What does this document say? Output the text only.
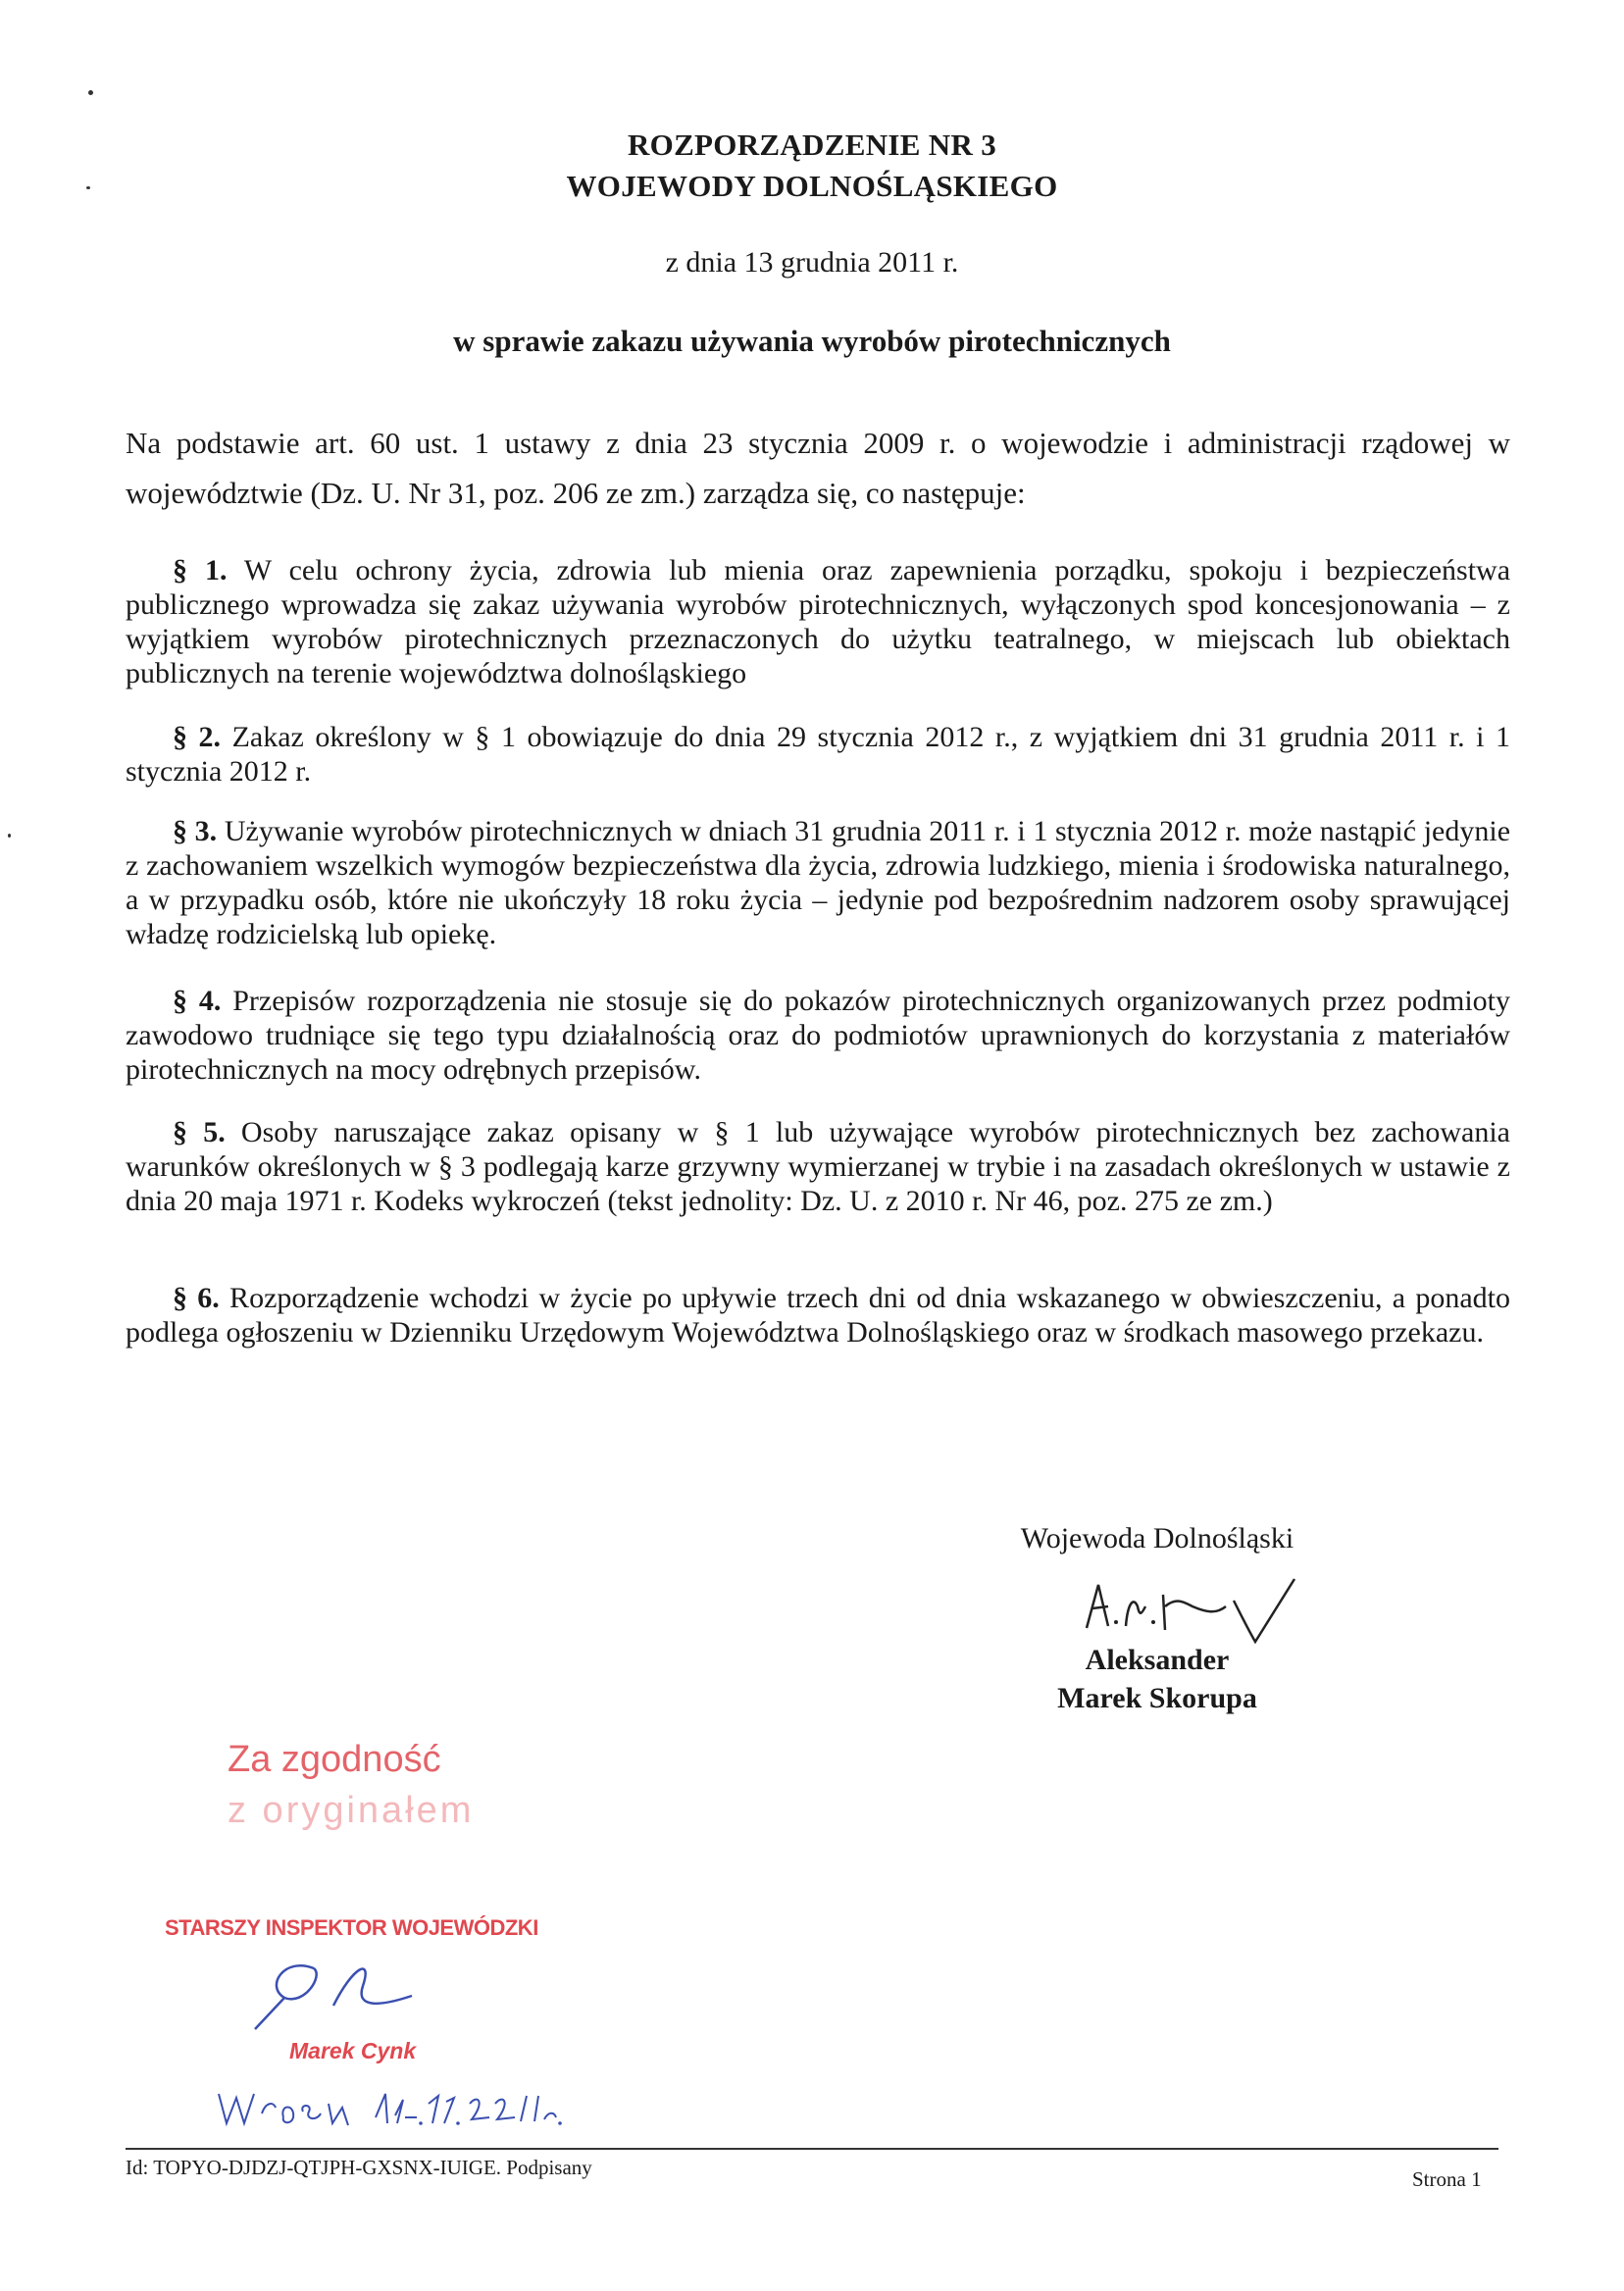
ROZPORZĄDZENIE NR 3
WOJEWODY DOLNOŚLĄSKIEGO
z dnia 13 grudnia 2011 r.
w sprawie zakazu używania wyrobów pirotechnicznych
Na podstawie art. 60 ust. 1 ustawy z dnia 23 stycznia 2009 r. o wojewodzie i administracji rządowej w województwie (Dz. U. Nr 31, poz. 206 ze zm.) zarządza się, co następuje:

§ 1. W celu ochrony życia, zdrowia lub mienia oraz zapewnienia porządku, spokoju i bezpieczeństwa publicznego wprowadza się zakaz używania wyrobów pirotechnicznych, wyłączonych spod koncesjonowania – z wyjątkiem wyrobów pirotechnicznych przeznaczonych do użytku teatralnego, w miejscach lub obiektach publicznych na terenie województwa dolnośląskiego

§ 2. Zakaz określony w § 1 obowiązuje do dnia 29 stycznia 2012 r., z wyjątkiem dni 31 grudnia 2011 r. i 1 stycznia 2012 r.

§ 3. Używanie wyrobów pirotechnicznych w dniach 31 grudnia 2011 r. i 1 stycznia 2012 r. może nastąpić jedynie z zachowaniem wszelkich wymogów bezpieczeństwa dla życia, zdrowia ludzkiego, mienia i środowiska naturalnego, a w przypadku osób, które nie ukończyły 18 roku życia – jedynie pod bezpośrednim nadzorem osoby sprawującej władzę rodzicielską lub opiekę.

§ 4. Przepisów rozporządzenia nie stosuje się do pokazów pirotechnicznych organizowanych przez podmioty zawodowo trudniące się tego typu działalnością oraz do podmiotów uprawnionych do korzystania z materiałów pirotechnicznych na mocy odrębnych przepisów.

§ 5. Osoby naruszające zakaz opisany w § 1 lub używające wyrobów pirotechnicznych bez zachowania warunków określonych w § 3 podlegają karze grzywny wymierzanej w trybie i na zasadach określonych w ustawie z dnia 20 maja 1971 r. Kodeks wykroczeń (tekst jednolity: Dz. U. z 2010 r. Nr 46, poz. 275 ze zm.)

§ 6. Rozporządzenie wchodzi w życie po upływie trzech dni od dnia wskazanego w obwieszczeniu, a ponadto podlega ogłoszeniu w Dzienniku Urzędowym Województwa Dolnośląskiego oraz w środkach masowego przekazu.

Wojewoda Dolnośląski
Aleksander
Marek Skorupa
Za zgodność
z oryginałem
STARSZY INSPEKTOR WOJEWÓDZKI
Marek Cynk
Id: TOPYO-DJDZJ-QTJPH-GXSNX-IUIGE. Podpisany	Strona 1
